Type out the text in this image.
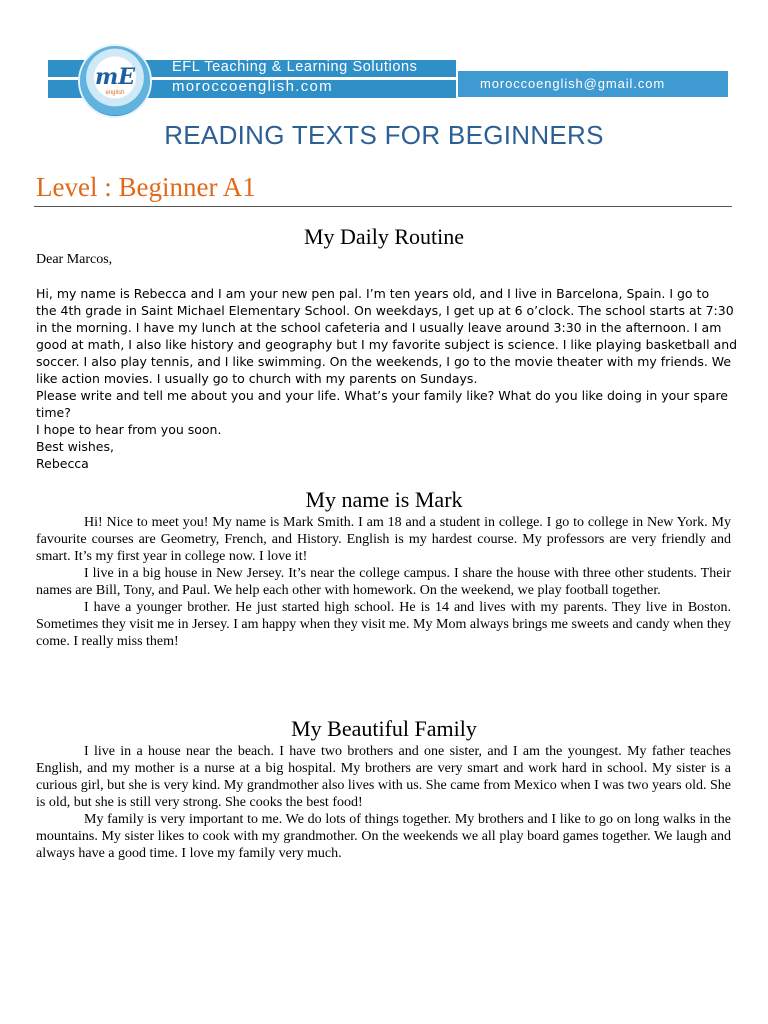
EFL Teaching & Learning Solutions
moroccoenglish.com	moroccoenglish@gmail.com
mE
english
READING TEXTS FOR BEGINNERS
Level : Beginner A1
My Daily Routine
Dear Marcos,
Hi, my name is Rebecca and I am your new pen pal. I’m ten years old, and I live in Barcelona, Spain. I go to
the 4th grade in Saint Michael Elementary School. On weekdays, I get up at 6 o’clock. The school starts at 7:30
in the morning. I have my lunch at the school cafeteria and I usually leave around 3:30 in the afternoon. I am
good at math, I also like history and geography but I my favorite subject is science. I like playing basketball and
soccer. I also play tennis, and I like swimming. On the weekends, I go to the movie theater with my friends. We
like action movies. I usually go to church with my parents on Sundays.
Please write and tell me about you and your life. What’s your family like? What do you like doing in your spare
time?
I hope to hear from you soon.
Best wishes,
Rebecca
My name is Mark

Hi! Nice to meet you! My name is Mark Smith. I am 18 and a student in college. I go to college in New York. My favourite courses are Geometry, French, and History. English is my hardest course. My professors are very friendly and smart. It’s my first year in college now. I love it!

I live in a big house in New Jersey. It’s near the college campus. I share the house with three other students. Their names are Bill, Tony, and Paul. We help each other with homework. On the weekend, we play football together.

I have a younger brother. He just started high school. He is 14 and lives with my parents. They live in Boston. Sometimes they visit me in Jersey. I am happy when they visit me. My Mom always brings me sweets and candy when they come. I really miss them!

My Beautiful Family

I live in a house near the beach. I have two brothers and one sister, and I am the youngest. My father teaches English, and my mother is a nurse at a big hospital. My brothers are very smart and work hard in school. My sister is a curious girl, but she is very kind. My grandmother also lives with us. She came from Mexico when I was two years old. She is old, but she is still very strong. She cooks the best food!

My family is very important to me. We do lots of things together. My brothers and I like to go on long walks in the mountains. My sister likes to cook with my grandmother. On the weekends we all play board games together. We laugh and always have a good time. I love my family very much.
